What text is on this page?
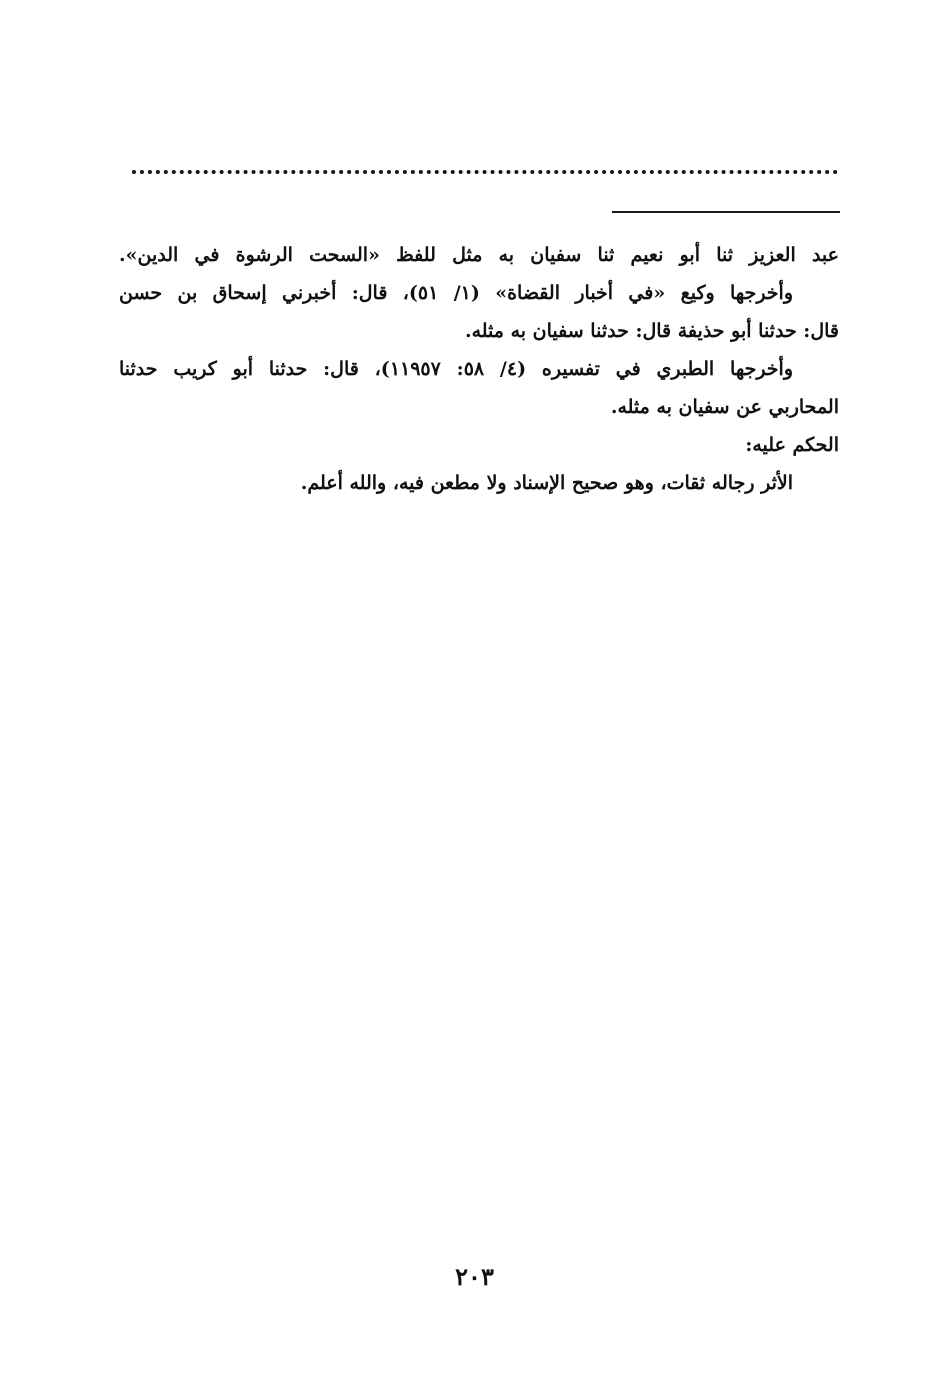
عبد العزيز ثنا أبو نعيم ثنا سفيان به مثل للفظ «السحت الرشوة في الدين».
وأخرجها وكيع «في أخبار القضاة» (١/ ٥١)، قال: أخبرني إسحاق بن حسن
قال: حدثنا أبو حذيفة قال: حدثنا سفيان به مثله.
وأخرجها الطبري في تفسيره (٤/ ٥٨: ١١٩٥٧)، قال: حدثنا أبو كريب حدثنا
المحاربي عن سفيان به مثله.
الحكم عليه:
الأثر رجاله ثقات، وهو صحيح الإسناد ولا مطعن فيه، والله أعلم.
٢٠٣
